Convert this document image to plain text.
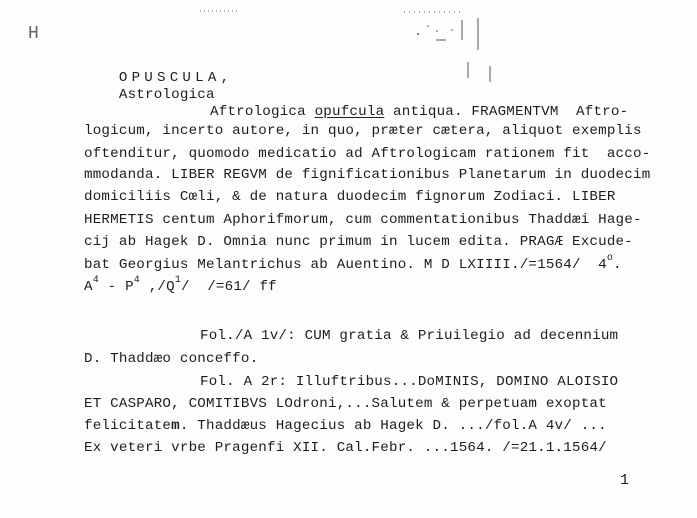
H

OPUSCULA,
Astrologica

Aftrologica opufcula antiqua. FRAGMENTVM  Aftro-
logicum, incerto autore, in quo, præter cætera, aliquot exemplis
oftenditur, quomodo medicatio ad Aftrologicam rationem fit  acco-
mmodanda. LIBER REGVM de fignificationibus Planetarum in duodecim
domiciliis Cœli, & de natura duodecim fignorum Zodiaci. LIBER
HERMETIS centum Aphorifmorum, cum commentationibus Thaddæi Hage-
cij ab Hagek D. Omnia nunc primum in lucem edita. PRAGÆ Excude-
bat Georgius Melantrichus ab Auentino. M D LXIIII./=1564/  4$^o$.
$A^4 - P^4$ $,/Q^1/$  /=61/ ff
Fol./A 1v/: CUM gratia & Priuilegio ad decennium
D. Thaddæo conceffo.
Fol. A 2r: Illuftribus...DoMINIS, DOMINO ALOISIO
ET CASPARO, COMITIBVS LOdroni,...Salutem & perpetuam exoptat
felicitatem. Thaddæus Hagecius ab Hagek D. .../fol.A 4v/ ...
Ex veteri vrbe Pragenfi XII. Cal.Febr. ...1564. /=21.1.1564/
1
